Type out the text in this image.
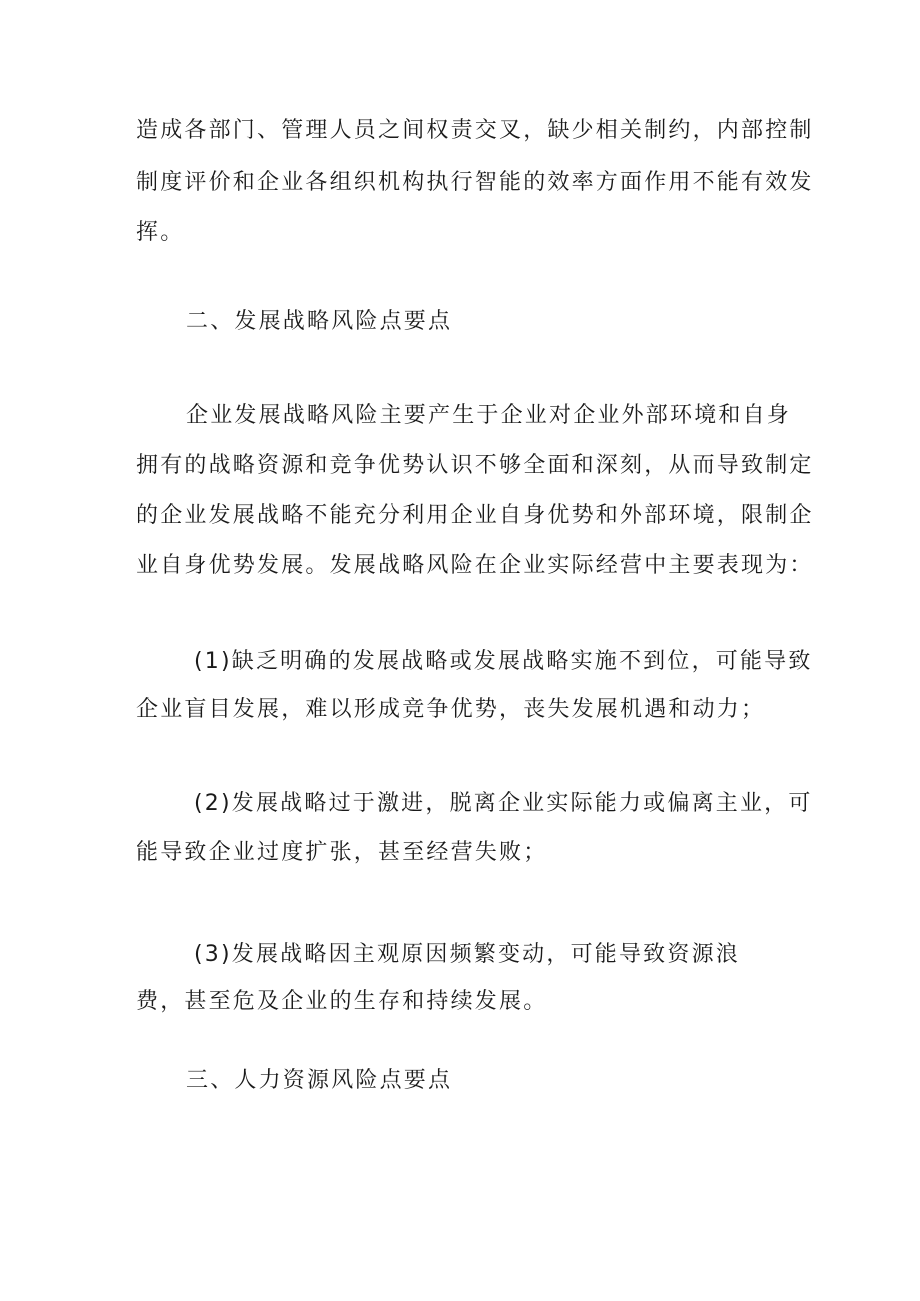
造成各部门、管理人员之间权责交叉，缺少相关制约，内部控制
制度评价和企业各组织机构执行智能的效率方面作用不能有效发
挥。
二、发展战略风险点要点
企业发展战略风险主要产生于企业对企业外部环境和自身
拥有的战略资源和竞争优势认识不够全面和深刻，从而导致制定
的企业发展战略不能充分利用企业自身优势和外部环境，限制企
业自身优势发展。发展战略风险在企业实际经营中主要表现为：
(1)缺乏明确的发展战略或发展战略实施不到位，可能导致
企业盲目发展，难以形成竞争优势，丧失发展机遇和动力；
(2)发展战略过于激进，脱离企业实际能力或偏离主业，可
能导致企业过度扩张，甚至经营失败；
(3)发展战略因主观原因频繁变动，可能导致资源浪
费，甚至危及企业的生存和持续发展。
三、人力资源风险点要点
